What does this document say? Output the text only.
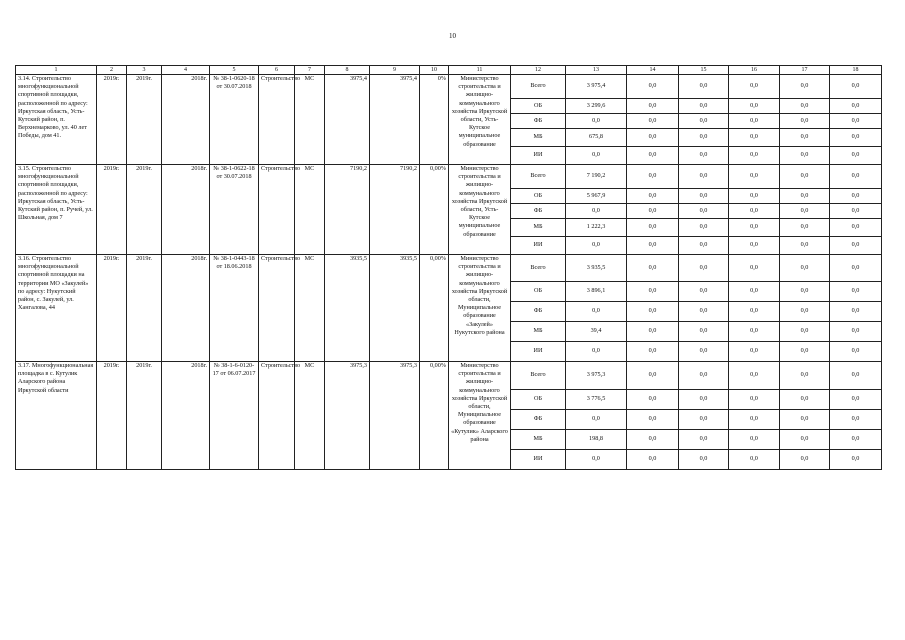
10
1	2	3	4	5	6	7	8	9	10	11	12	13	14	15	16	17	18
3.14. Строительство многофункциональной спортивной площадки, расположенной по адресу: Иркутская область, Усть-Кутский район, п. Верхнемарково, ул. 40 лет Победы, дом 41.	2019г.	2019г.	2018г.	№ 38-1-0620-18 от 30.07.2018	Строительство	МС	3975,4	3975,4	0%	Министерство строительства и жилищно-коммунального хозяйства Иркутской области, Усть-Кутское муниципальное образование	Всего	3 975,4	0,0	0,0	0,0	0,0	0,0
											ОБ	3 299,6	0,0	0,0	0,0	0,0	0,0
											ФБ	0,0	0,0	0,0	0,0	0,0	0,0
											МБ	675,8	0,0	0,0	0,0	0,0	0,0
											ИИ	0,0	0,0	0,0	0,0	0,0	0,0
3.15. Строительство многофункциональной спортивной площадки, расположенной по адресу: Иркутская область, Усть-Кутский район, п. Ручей, ул. Школьная, дом 7	2019г.	2019г.	2018г.	№ 38-1-0622-18 от 30.07.2018	Строительство	МС	7190,2	7190,2	0,00%	Министерство строительства и жилищно-коммунального хозяйства Иркутской области, Усть-Кутское муниципальное образование	Всего	7 190,2	0,0	0,0	0,0	0,0	0,0
											ОБ	5 967,9	0,0	0,0	0,0	0,0	0,0
											ФБ	0,0	0,0	0,0	0,0	0,0	0,0
											МБ	1 222,3	0,0	0,0	0,0	0,0	0,0
											ИИ	0,0	0,0	0,0	0,0	0,0	0,0
3.16. Строительство многофункциональной спортивной площадки на территории МО «Закулей» по адресу: Нукутский район, с. Закулей, ул. Хангалова, 44	2019г.	2019г.	2018г.	№ 38-1-0443-18 от 18.06.2018	Строительство	МС	3935,5	3935,5	0,00%	Министерство строительства и жилищно-коммунального хозяйства Иркутской области, Муниципальное образование «Закулей» Нукутского района	Всего	3 935,5	0,0	0,0	0,0	0,0	0,0
											ОБ	3 896,1	0,0	0,0	0,0	0,0	0,0
											ФБ	0,0	0,0	0,0	0,0	0,0	0,0
											МБ	39,4	0,0	0,0	0,0	0,0	0,0
											ИИ	0,0	0,0	0,0	0,0	0,0	0,0
3.17. Многофункциональная площадка в с. Кутулик Аларского района Иркутской области	2019г.	2019г.	2018г.	№ 38-1-6-0120-17 от 06.07.2017	Строительство	МС	3975,3	3975,3	0,00%	Министерство строительства и жилищно-коммунального хозяйства Иркутской области, Муниципальное образование «Кутулик» Аларского района	Всего	3 975,3	0,0	0,0	0,0	0,0	0,0
											ОБ	3 776,5	0,0	0,0	0,0	0,0	0,0
											ФБ	0,0	0,0	0,0	0,0	0,0	0,0
											МБ	198,8	0,0	0,0	0,0	0,0	0,0
											ИИ	0,0	0,0	0,0	0,0	0,0	0,0
